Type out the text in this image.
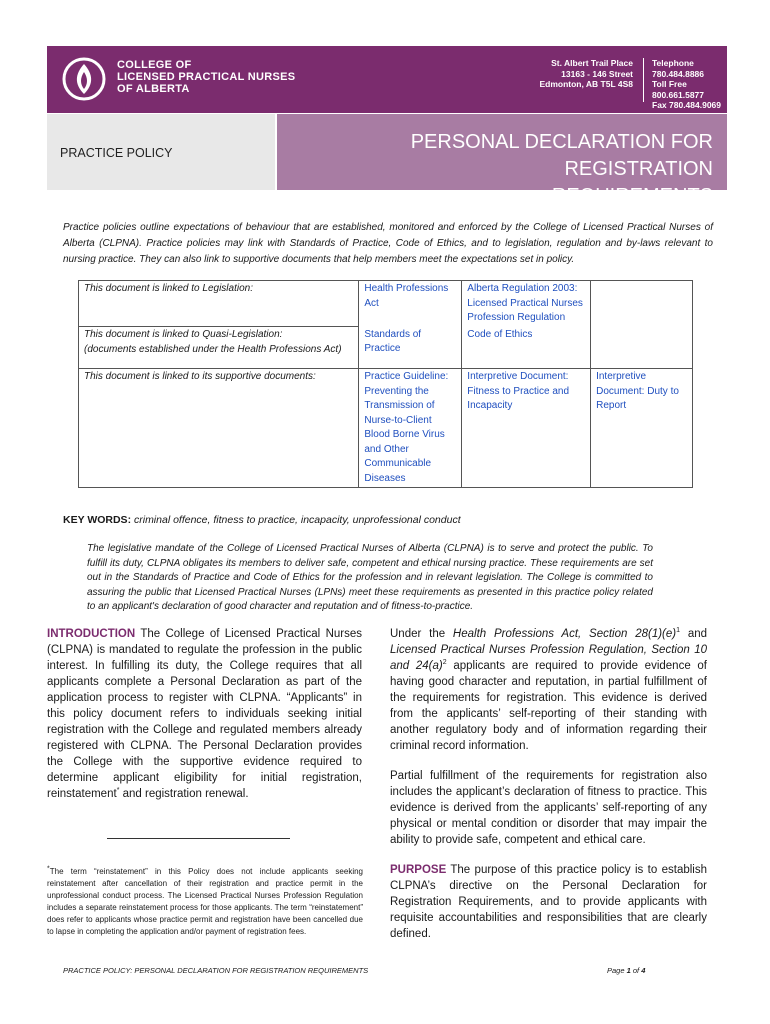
COLLEGE OF
LICENSED PRACTICAL NURSES
OF ALBERTA
St. Albert Trail Place
13163 - 146 Street
Edmonton, AB T5L 4S8
Telephone 780.484.8886
Toll Free 800.661.5877
Fax 780.484.9069
PRACTICE POLICY	PERSONAL DECLARATION FOR REGISTRATION
REQUIREMENTS

Practice policies outline expectations of behaviour that are established, monitored and enforced by the College of Licensed Practical Nurses of Alberta (CLPNA). Practice policies may link with Standards of Practice, Code of Ethics, and to legislation, regulation and by-laws relevant to nursing practice. They can also link to supportive documents that help members meet the expectations set in policy.

This document is linked to Legislation:	Health Professions Act	Alberta Regulation 2003: Licensed Practical Nurses Profession Regulation	
This document is linked to Quasi-Legislation:
(documents established under the Health Professions Act)	Standards of Practice	Code of Ethics	
This document is linked to its supportive documents:	Practice Guideline: Preventing the Transmission of Nurse-to-Client Blood Borne Virus and Other Communicable Diseases	Interpretive Document: Fitness to Practice and Incapacity	Interpretive Document: Duty to Report
KEY WORDS: criminal offence, fitness to practice, incapacity, unprofessional conduct

The legislative mandate of the College of Licensed Practical Nurses of Alberta (CLPNA) is to serve and protect the public. To fulfill its duty, CLPNA obligates its members to deliver safe, competent and ethical nursing practice. These requirements are set out in the Standards of Practice and Code of Ethics for the profession and in relevant legislation. The College is committed to assuring the public that Licensed Practical Nurses (LPNs) meet these requirements as presented in this practice policy related to an applicant's declaration of good character and reputation and of fitness-to-practice.

INTRODUCTION The College of Licensed Practical Nurses (CLPNA) is mandated to regulate the profession in the public interest. In fulfilling its duty, the College requires that all applicants complete a Personal Declaration as part of the application process to register with CLPNA. “Applicants” in this policy document refers to individuals seeking initial registration with the College and regulated members already registered with CLPNA. The Personal Declaration provides the College with the supportive evidence required to determine applicant eligibility for initial registration, reinstatement* and registration renewal.

*The term “reinstatement” in this Policy does not include applicants seeking reinstatement after cancellation of their registration and practice permit in the unprofessional conduct process. The Licensed Practical Nurses Profession Regulation includes a separate reinstatement process for those applicants. The term “reinstatement” does refer to applicants whose practice permit and registration have been cancelled due to lapse in completing the application and/or payment of registration fees.

Under the Health Professions Act, Section $28(1)(e)^1$ and Licensed Practical Nurses Profession Regulation, Section 10 and $24(a)^2$ applicants are required to provide evidence of having good character and reputation, in partial fulfillment of the requirements for registration. This evidence is derived from the applicants’ self-reporting of their standing with another regulatory body and of information regarding their criminal record information.

Partial fulfillment of the requirements for registration also includes the applicant’s declaration of fitness to practice. This evidence is derived from the applicants’ self-reporting of any physical or mental condition or disorder that may impair the ability to provide safe, competent and ethical care.

PURPOSE The purpose of this practice policy is to establish CLPNA’s directive on the Personal Declaration for Registration Requirements, and to provide applicants with requisite accountabilities and responsibilities that are clearly defined.

PRACTICE POLICY: PERSONAL DECLARATION FOR REGISTRATION REQUIREMENTS	Page 1 of 4
